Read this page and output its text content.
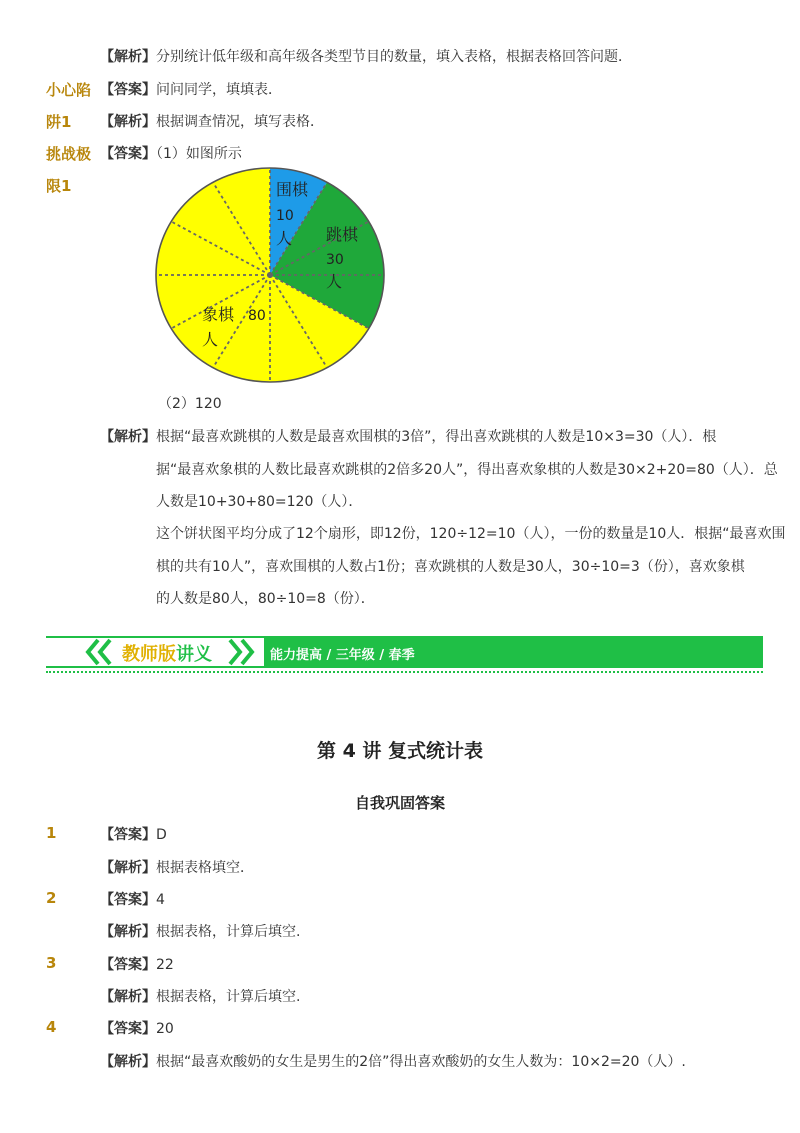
【解析】分别统计低年级和高年级各类型节目的数量，填入表格，根据表格回答问题．
小心陷
阱1
【答案】问问同学，填填表．
【解析】根据调查情况，填写表格．
挑战极
限1
【答案】（1）如图所示
围棋
10
人 跳棋
30
人
象棋 80
人
（2）120
【解析】根据“最喜欢跳棋的人数是最喜欢围棋的3倍”，得出喜欢跳棋的人数是10×3=30（人）．根
据“最喜欢象棋的人数比最喜欢跳棋的2倍多20人”，得出喜欢象棋的人数是30×2+20=80（人）．总
人数是10+30+80=120（人）．
这个饼状图平均分成了12个扇形，即12份，120÷12=10（人），一份的数量是10人．根据“最喜欢围
棋的共有10人”，喜欢围棋的人数占1份；喜欢跳棋的人数是30人，30÷10=3（份），喜欢象棋
的人数是80人，80÷10=8（份）．
教师版讲义	能力提高 / 三年级 / 春季
第 4 讲 复式统计表
自我巩固答案
1	【答案】D
【解析】根据表格填空．
2	【答案】4
【解析】根据表格，计算后填空.
3	【答案】22
【解析】根据表格，计算后填空.
4	【答案】20
【解析】根据“最喜欢酸奶的女生是男生的2倍”得出喜欢酸奶的女生人数为：10×2=20（人）.
